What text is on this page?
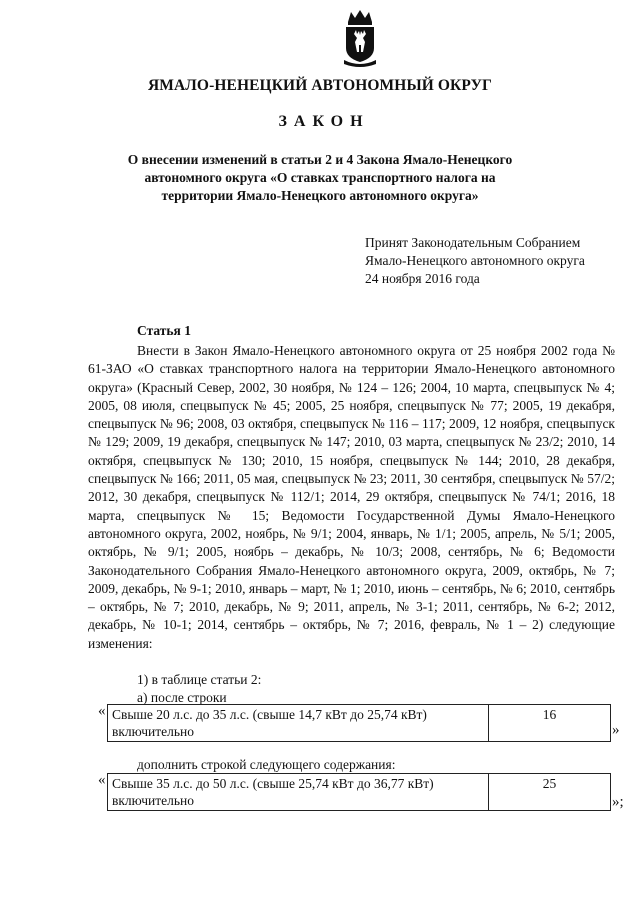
ЯМАЛО-НЕНЕЦКИЙ АВТОНОМНЫЙ ОКРУГ
ЗАКОН
О внесении изменений в статьи 2 и 4 Закона Ямало-Ненецкого автономного округа «О ставках транспортного налога на территории Ямало-Ненецкого автономного округа»
Принят Законодательным Собранием
Ямало-Ненецкого автономного округа
24 ноября 2016 года
Статья 1
Внести в Закон Ямало-Ненецкого автономного округа от 25 ноября 2002 года № 61-ЗАО «О ставках транспортного налога на территории Ямало-Ненецкого автономного округа» (Красный Север, 2002, 30 ноября, № 124 – 126; 2004, 10 марта, спецвыпуск № 4; 2005, 08 июля, спецвыпуск № 45; 2005, 25 ноября, спецвыпуск № 77; 2005, 19 декабря, спецвыпуск № 96; 2008, 03 октября, спецвыпуск № 116 – 117; 2009, 12 ноября, спецвыпуск № 129; 2009, 19 декабря, спецвыпуск № 147; 2010, 03 марта, спецвыпуск № 23/2; 2010, 14 октября, спецвыпуск № 130; 2010, 15 ноября, спецвыпуск № 144; 2010, 28 декабря, спецвыпуск № 166; 2011, 05 мая, спецвыпуск № 23; 2011, 30 сентября, спецвыпуск № 57/2; 2012, 30 декабря, спецвыпуск № 112/1; 2014, 29 октября, спецвыпуск № 74/1; 2016, 18 марта, спецвыпуск № 15; Ведомости Государственной Думы Ямало-Ненецкого автономного округа, 2002, ноябрь, № 9/1; 2004, январь, № 1/1; 2005, апрель, № 5/1; 2005, октябрь, № 9/1; 2005, ноябрь – декабрь, № 10/3; 2008, сентябрь, № 6; Ведомости Законодательного Собрания Ямало-Ненецкого автономного округа, 2009, октябрь, № 7; 2009, декабрь, № 9-1; 2010, январь – март, № 1; 2010, июнь – сентябрь, № 6; 2010, сентябрь – октябрь, № 7; 2010, декабрь, № 9; 2011, апрель, № 3-1; 2011, сентябрь, № 6-2; 2012, декабрь, № 10-1; 2014, сентябрь – октябрь, № 7; 2016, февраль, № 1 – 2) следующие изменения:
1) в таблице статьи 2:
а) после строки
« Свыше 20 л.с. до 35 л.с. (свыше 14,7 кВт до 25,74 кВт) включительно	16
»
дополнить строкой следующего содержания:
« Свыше 35 л.с. до 50 л.с. (свыше 25,74 кВт до 36,77 кВт) включительно	25
»;
